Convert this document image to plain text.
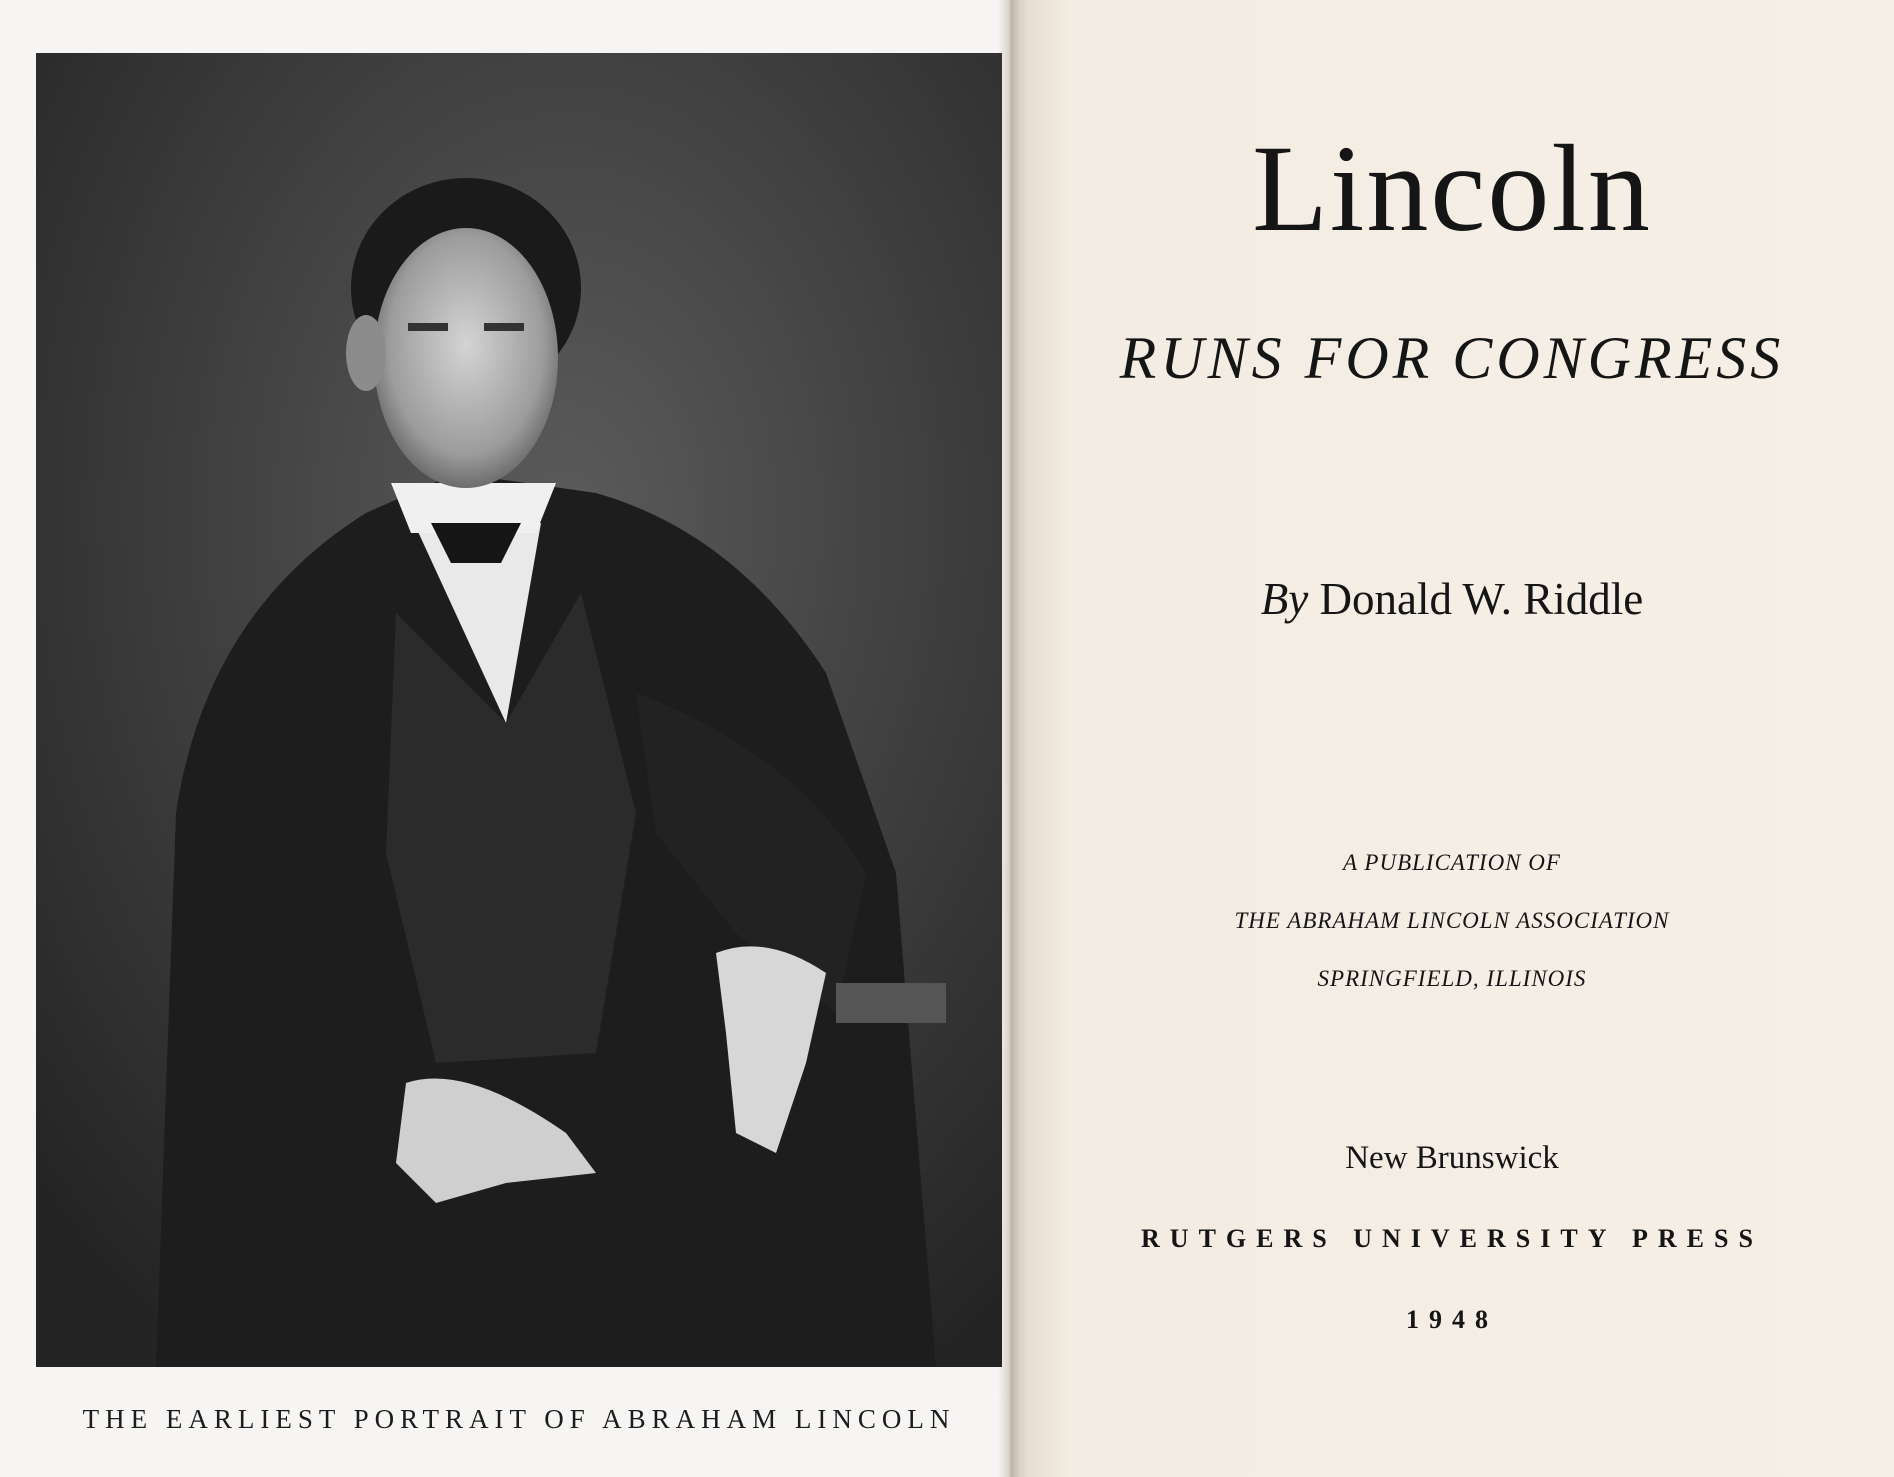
THE EARLIEST PORTRAIT OF ABRAHAM LINCOLN
Lincoln
RUNS FOR CONGRESS
By Donald W. Riddle
A PUBLICATION OF
THE ABRAHAM LINCOLN ASSOCIATION
SPRINGFIELD, ILLINOIS
New Brunswick
RUTGERS UNIVERSITY PRESS
1948
